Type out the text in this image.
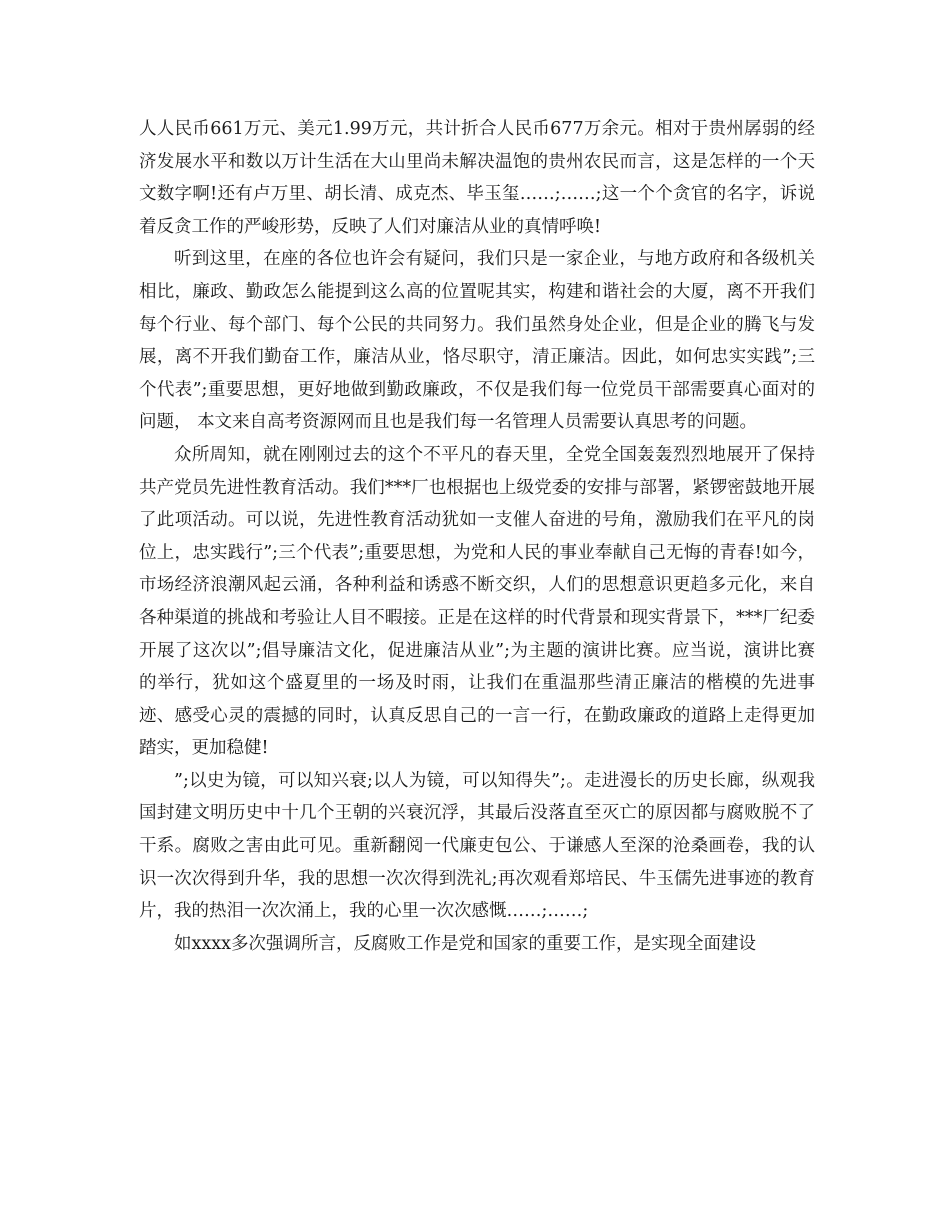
人人民币661万元、美元1.99万元，共计折合人民币677万余元。相对于贵州孱弱的经济发展水平和数以万计生活在大山里尚未解决温饱的贵州农民而言，这是怎样的一个天文数字啊!还有卢万里、胡长清、成克杰、毕玉玺……;……;这一个个贪官的名字，诉说着反贪工作的严峻形势，反映了人们对廉洁从业的真情呼唤!

听到这里，在座的各位也许会有疑问，我们只是一家企业，与地方政府和各级机关相比，廉政、勤政怎么能提到这么高的位置呢其实，构建和谐社会的大厦，离不开我们每个行业、每个部门、每个公民的共同努力。我们虽然身处企业，但是企业的腾飞与发展，离不开我们勤奋工作，廉洁从业，恪尽职守，清正廉洁。因此，如何忠实实践”;三个代表”;重要思想，更好地做到勤政廉政，不仅是我们每一位党员干部需要真心面对的问题， 本文来自高考资源网而且也是我们每一名管理人员需要认真思考的问题。

众所周知，就在刚刚过去的这个不平凡的春天里，全党全国轰轰烈烈地展开了保持共产党员先进性教育活动。我们***厂也根据也上级党委的安排与部署，紧锣密鼓地开展了此项活动。可以说，先进性教育活动犹如一支催人奋进的号角，激励我们在平凡的岗位上，忠实践行”;三个代表”;重要思想，为党和人民的事业奉献自己无悔的青春!如今，市场经济浪潮风起云涌，各种利益和诱惑不断交织，人们的思想意识更趋多元化，来自各种渠道的挑战和考验让人目不暇接。正是在这样的时代背景和现实背景下，***厂纪委开展了这次以”;倡导廉洁文化，促进廉洁从业”;为主题的演讲比赛。应当说，演讲比赛的举行，犹如这个盛夏里的一场及时雨，让我们在重温那些清正廉洁的楷模的先进事迹、感受心灵的震撼的同时，认真反思自己的一言一行，在勤政廉政的道路上走得更加踏实，更加稳健!

”;以史为镜，可以知兴衰;以人为镜，可以知得失”;。走进漫长的历史长廊，纵观我国封建文明历史中十几个王朝的兴衰沉浮，其最后没落直至灭亡的原因都与腐败脱不了干系。腐败之害由此可见。重新翻阅一代廉吏包公、于谦感人至深的沧桑画卷，我的认识一次次得到升华，我的思想一次次得到洗礼;再次观看郑培民、牛玉儒先进事迹的教育片，我的热泪一次次涌上，我的心里一次次感慨……;……;

如xxxx多次强调所言，反腐败工作是党和国家的重要工作，是实现全面建设
